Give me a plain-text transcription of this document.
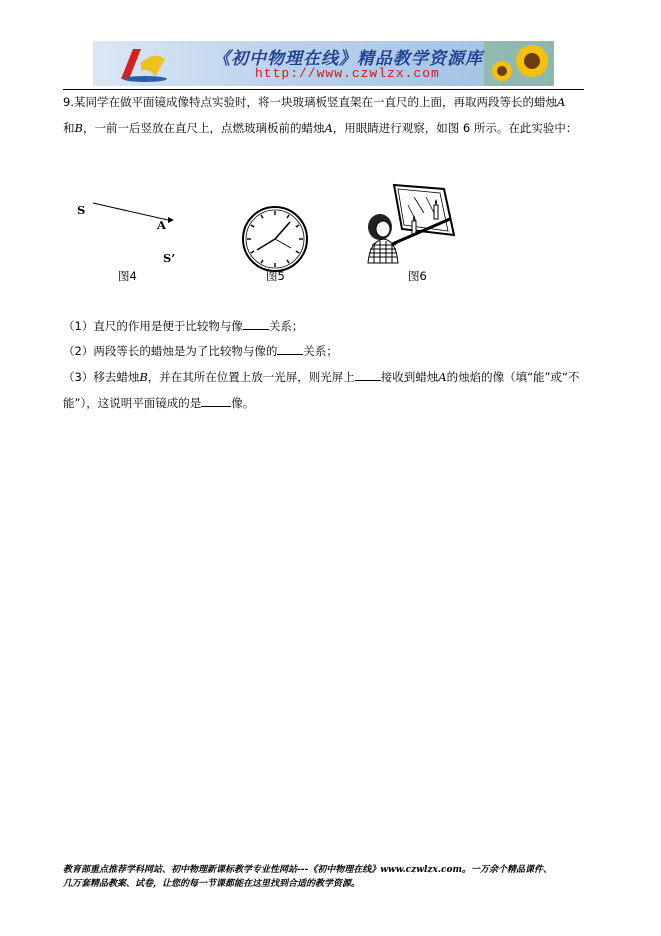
《初中物理在线》精品教学资源库
http://www.czwlzx.com
9.某同学在做平面镜成像特点实验时，将一块玻璃板竖直架在一直尺的上面，再取两段等长的蜡烛A
和B，一前一后竖放在直尺上，点燃玻璃板前的蜡烛A，用眼睛进行观察，如图 6 所示。在此实验中：
S
A
S’
图4	图5	图6
（1）直尺的作用是便于比较物与像 关系；
（2）两段等长的蜡烛是为了比较物与像的 关系；
（3）移去蜡烛B，并在其所在位置上放一光屏，则光屏上 接收到蜡烛A的烛焰的像（填“能”或“不
能”），这说明平面镜成的是	像。
教育部重点推荐学科网站、初中物理新课标教学专业性网站---《初中物理在线》www.czwlzx.com。一万余个精品课件、
几万套精品教案、试卷，让您的每一节课都能在这里找到合适的教学资源。
